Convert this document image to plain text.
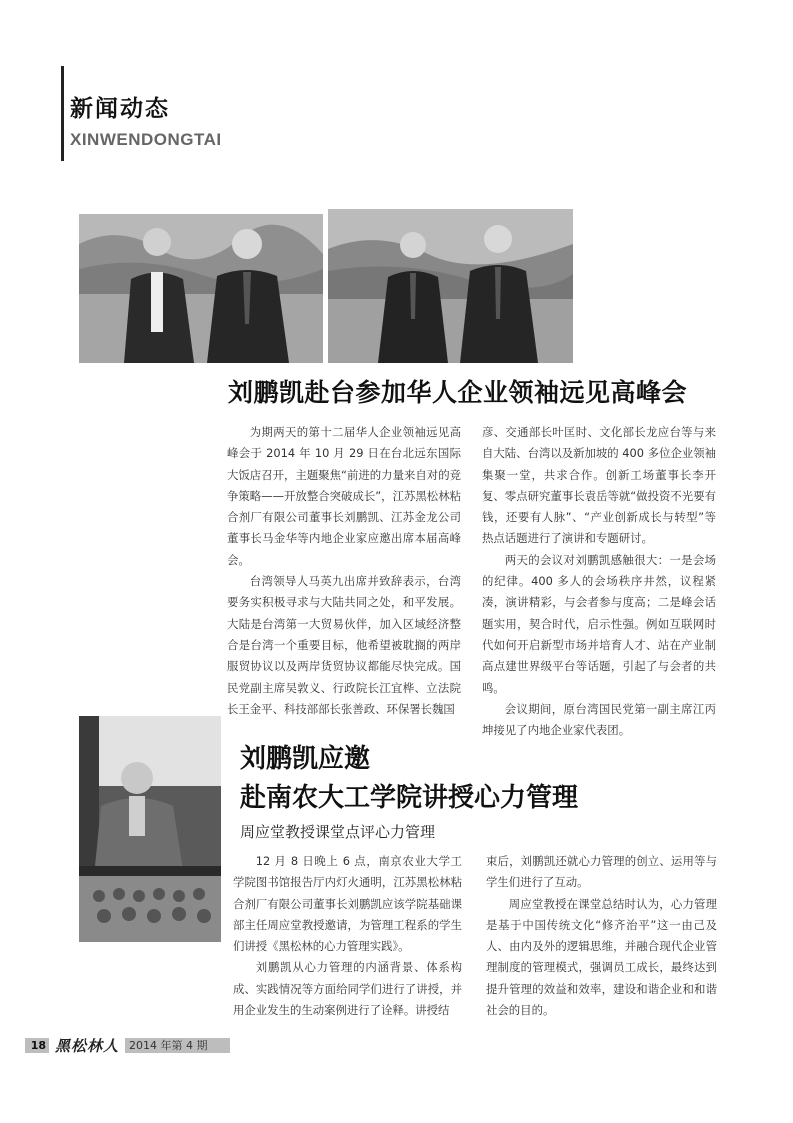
新闻动态
XINWENDONGTAI
刘鹏凯赴台参加华人企业领袖远见高峰会

为期两天的第十二届华人企业领袖远见高峰会于 2014 年 10 月 29 日在台北远东国际大饭店召开，主题聚焦“前进的力量来自对的竞争策略——开放整合突破成长”，江苏黑松林粘合剂厂有限公司董事长刘鹏凯、江苏金龙公司董事长马金华等内地企业家应邀出席本届高峰会。

台湾领导人马英九出席并致辞表示，台湾要务实积极寻求与大陆共同之处，和平发展。大陆是台湾第一大贸易伙伴，加入区域经济整合是台湾一个重要目标，他希望被耽搁的两岸服贸协议以及两岸货贸协议都能尽快完成。国民党副主席吴敦义、行政院长江宜桦、立法院长王金平、科技部部长张善政、环保署长魏国

彦、交通部长叶匡时、文化部长龙应台等与来自大陆、台湾以及新加坡的 400 多位企业领袖集聚一堂，共求合作。创新工场董事长李开复、零点研究董事长袁岳等就“做投资不光要有钱，还要有人脉”、“产业创新成长与转型”等热点话题进行了演讲和专题研讨。

两天的会议对刘鹏凯感触很大：一是会场的纪律。400 多人的会场秩序井然，议程紧凑，演讲精彩，与会者参与度高；二是峰会话题实用，契合时代，启示性强。例如互联网时代如何开启新型市场并培育人才、站在产业制高点建世界级平台等话题，引起了与会者的共鸣。

会议期间，原台湾国民党第一副主席江丙坤接见了内地企业家代表团。

刘鹏凯应邀
赴南农大工学院讲授心力管理
周应堂教授课堂点评心力管理

12 月 8 日晚上 6 点，南京农业大学工学院图书馆报告厅内灯火通明，江苏黑松林粘合剂厂有限公司董事长刘鹏凯应该学院基础课部主任周应堂教授邀请，为管理工程系的学生们讲授《黑松林的心力管理实践》。

刘鹏凯从心力管理的内涵背景、体系构成、实践情况等方面给同学们进行了讲授，并用企业发生的生动案例进行了诠释。讲授结

束后，刘鹏凯还就心力管理的创立、运用等与学生们进行了互动。

周应堂教授在课堂总结时认为，心力管理是基于中国传统文化“修齐治平”这一由己及人、由内及外的逻辑思维，并融合现代企业管理制度的管理模式，强调员工成长，最终达到提升管理的效益和效率，建设和谐企业和和谐社会的目的。

18 黑松林人 2014 年第 4 期
